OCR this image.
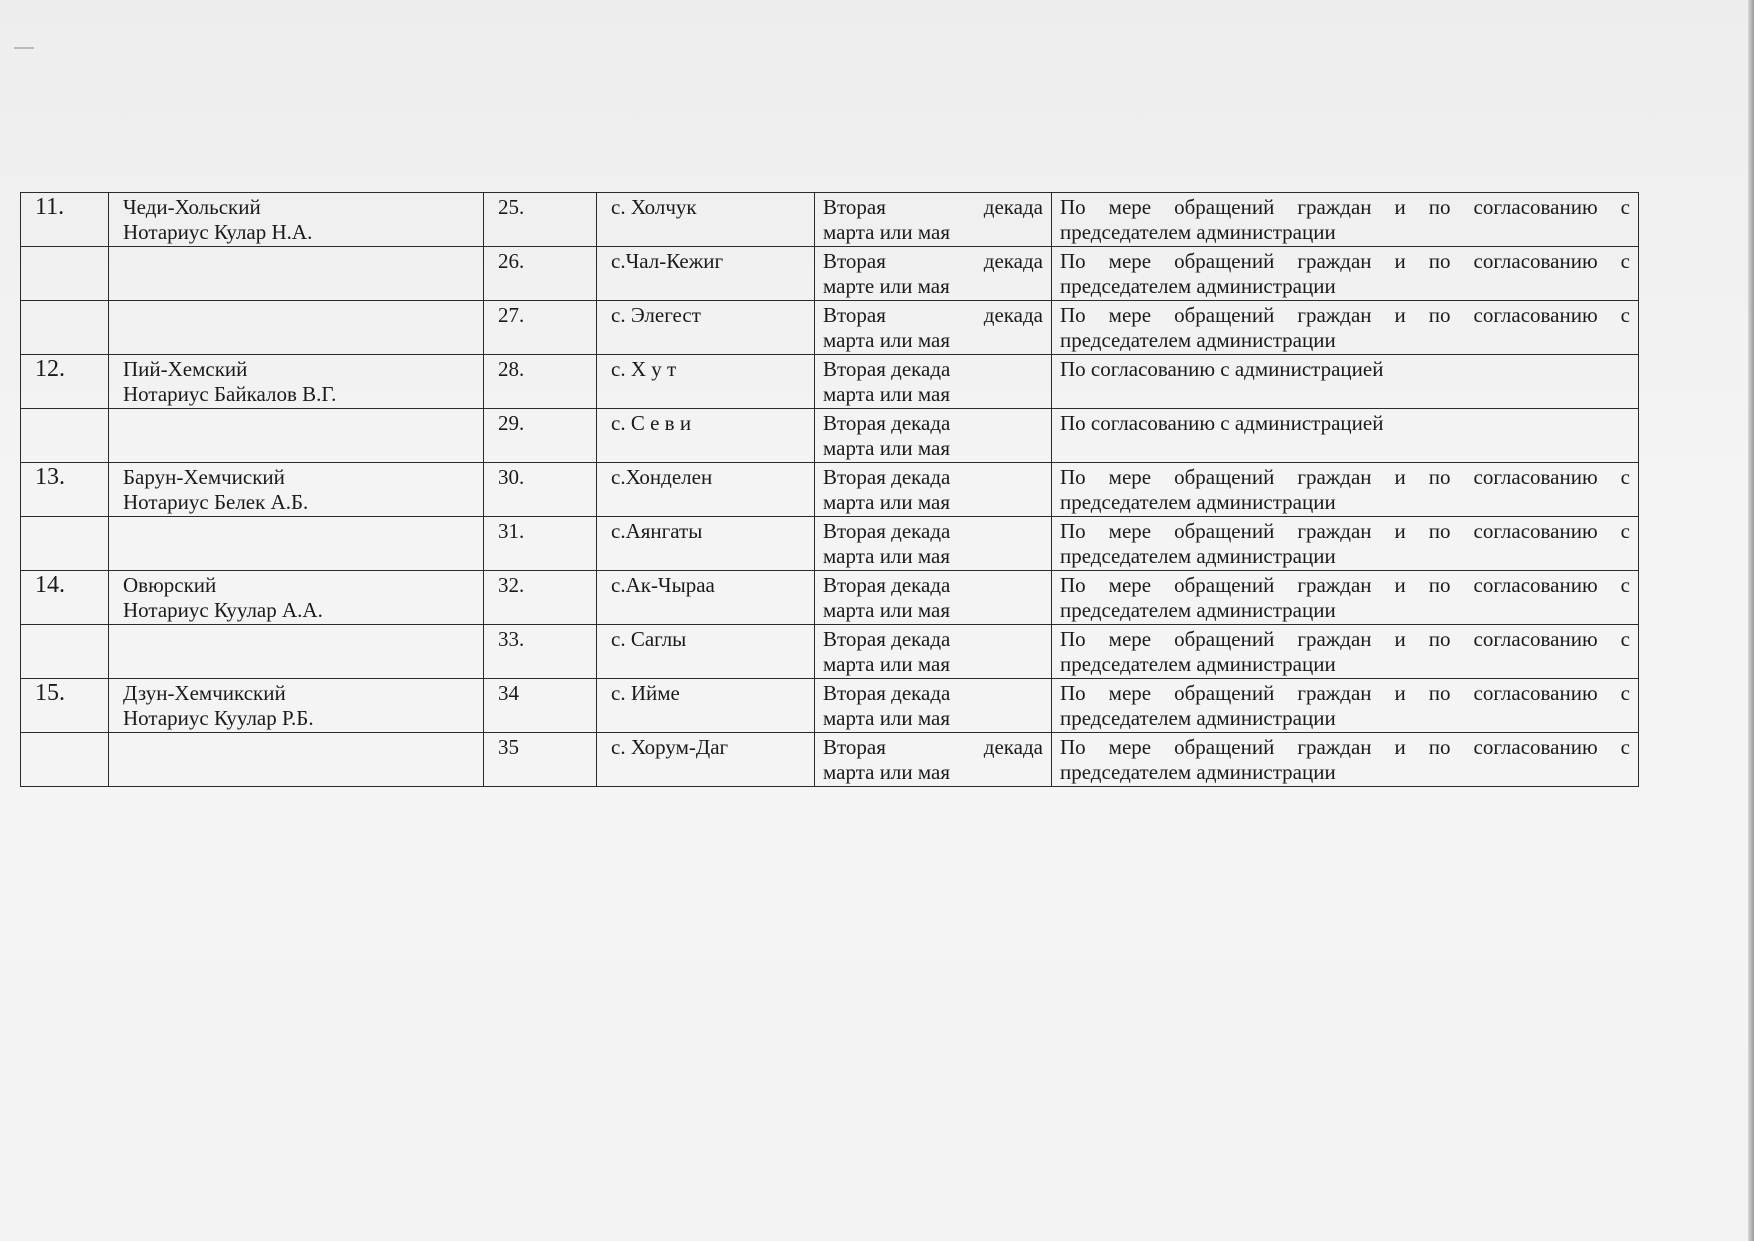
11.	Чеди-Хольский
Нотариус Кулар Н.А.	25.	с. Холчук	Вторая декада
марта или мая	По мере обращений граждан и по согласованию с
председателем администрации

	26.	с.Чал-Кежиг	Вторая декада
марте или мая	По мере обращений граждан и по согласованию с
председателем администрации

	27.	с. Элегест	Вторая декада
марта или мая	По мере обращений граждан и по согласованию с
председателем администрации

12.	Пий-Хемский
Нотариус Байкалов В.Г.	28.	с. Х у т	Вторая декада
марта или мая	По согласованию с администрацией

	29.	с. С е в и	Вторая декада
марта или мая	По согласованию с администрацией

13.	Барун-Хемчиский
Нотариус Белек А.Б.	30.	с.Хонделен	Вторая декада
марта или мая	По мере обращений граждан и по согласованию с
председателем администрации

	31.	с.Аянгаты	Вторая декада
марта или мая	По мере обращений граждан и по согласованию с
председателем администрации

14.	Овюрский
Нотариус Куулар А.А.	32.	с.Ак-Чыраа	Вторая декада
марта или мая	По мере обращений граждан и по согласованию с
председателем администрации

	33.	с. Саглы	Вторая декада
марта или мая	По мере обращений граждан и по согласованию с
председателем администрации

15.	Дзун-Хемчикский
Нотариус Куулар Р.Б.	34	с. Ийме	Вторая декада
марта или мая	По мере обращений граждан и по согласованию с
председателем администрации

	35	с. Хорум-Даг	Вторая декада
марта или мая	По мере обращений граждан и по согласованию с
председателем администрации
